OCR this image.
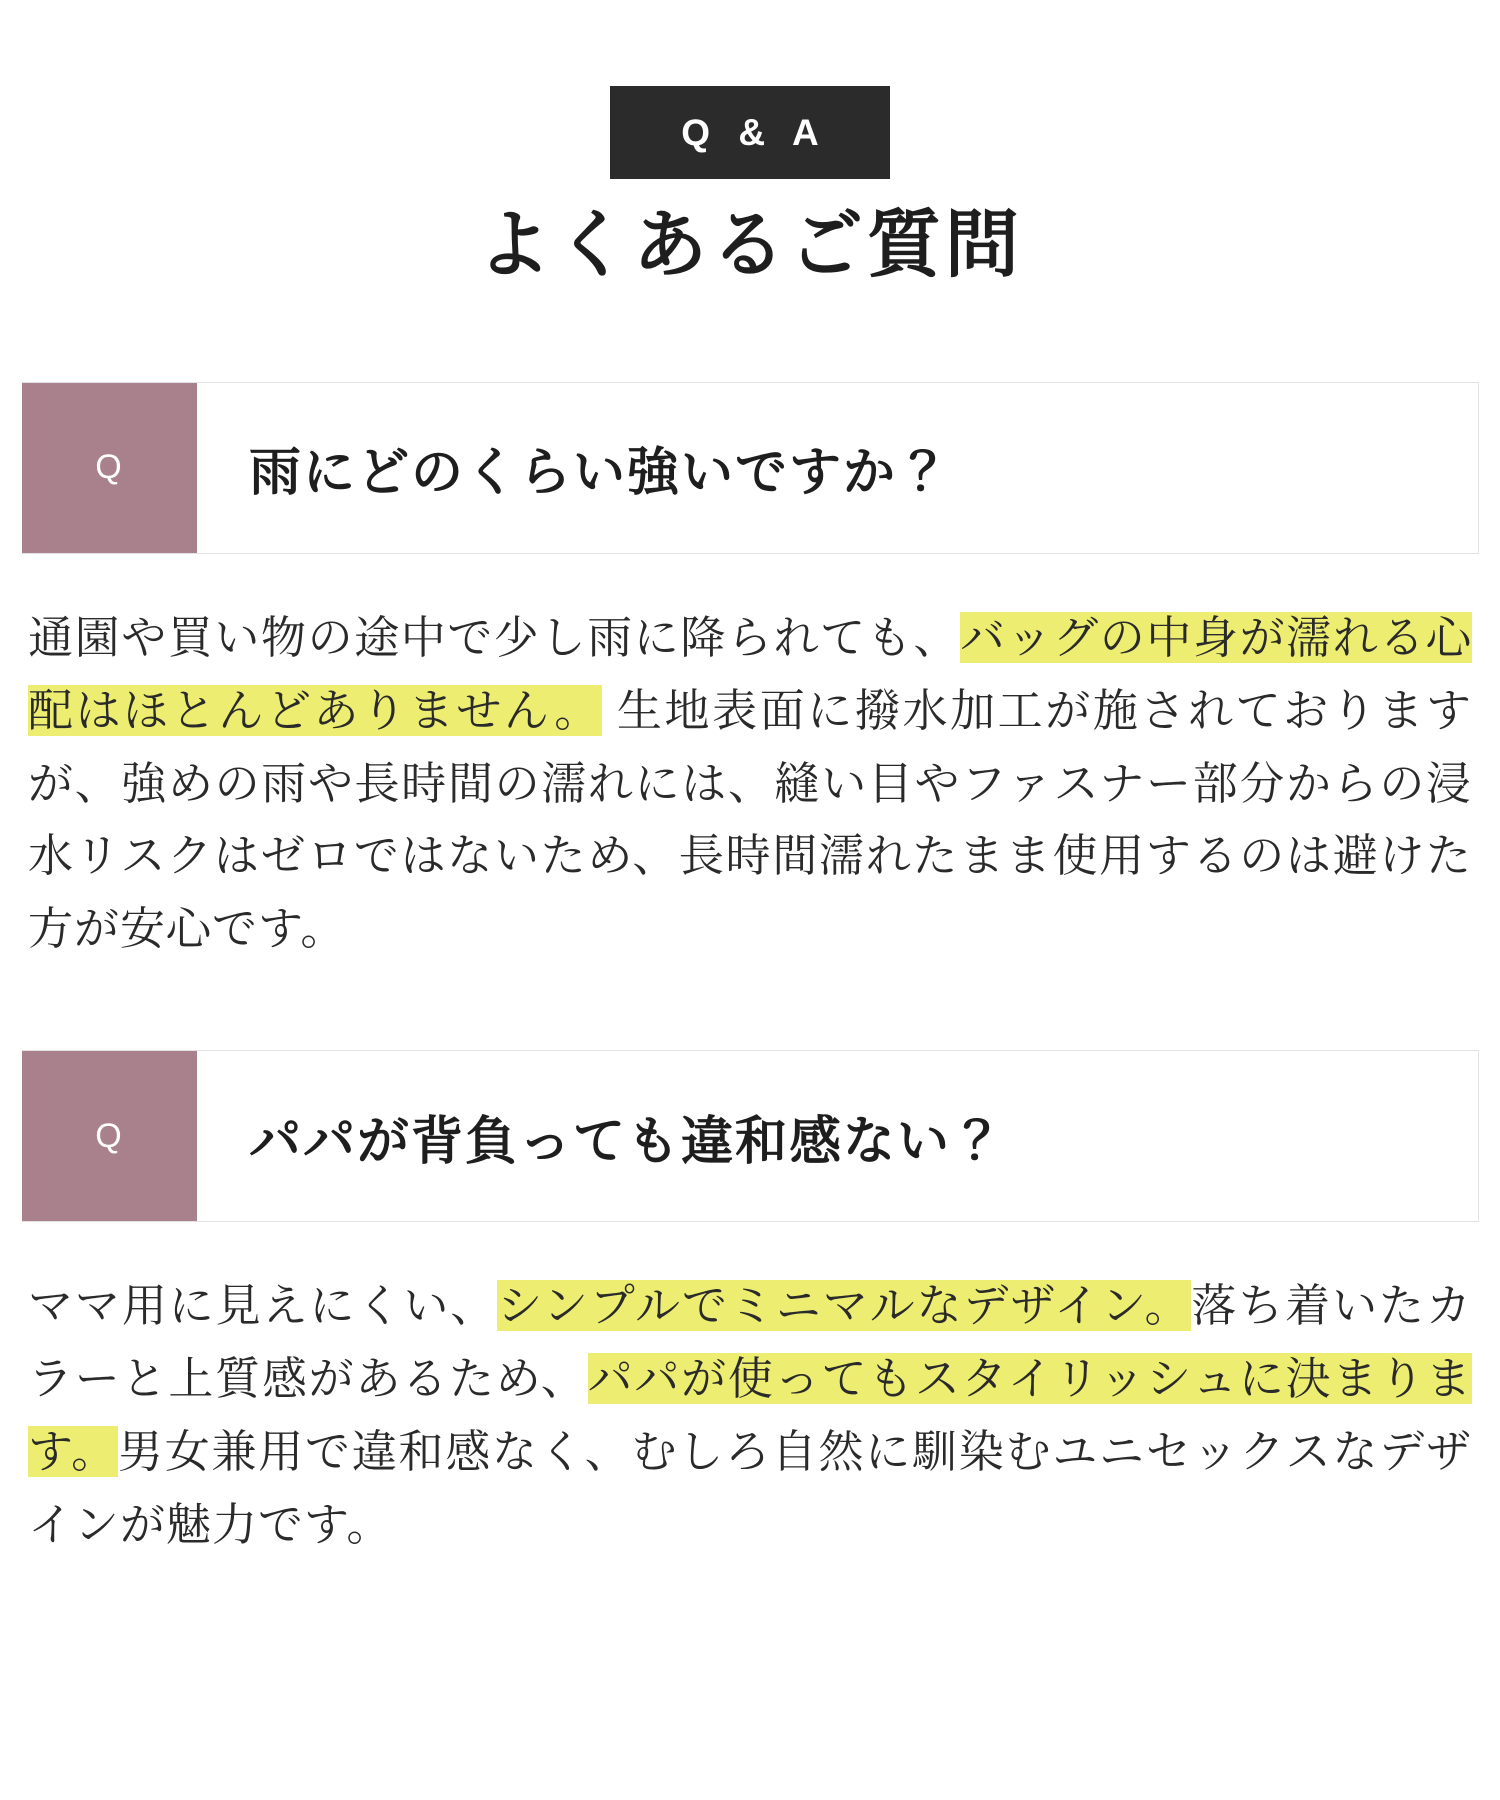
Q & A
よくあるご質問
Q	雨にどのくらい強いですか？
通園や買い物の途中で少し雨に降られても、バッグの中身が濡れる心配はほとんどありません。 生地表面に撥水加工が施されておりますが、強めの雨や長時間の濡れには、縫い目やファスナー部分からの浸水リスクはゼロではないため、長時間濡れたまま使用するのは避けた方が安心です。
Q	パパが背負っても違和感ない？
ママ用に見えにくい、シンプルでミニマルなデザイン。落ち着いたカラーと上質感があるため、パパが使ってもスタイリッシュに決まります。男女兼用で違和感なく、むしろ自然に馴染むユニセックスなデザインが魅力です。
